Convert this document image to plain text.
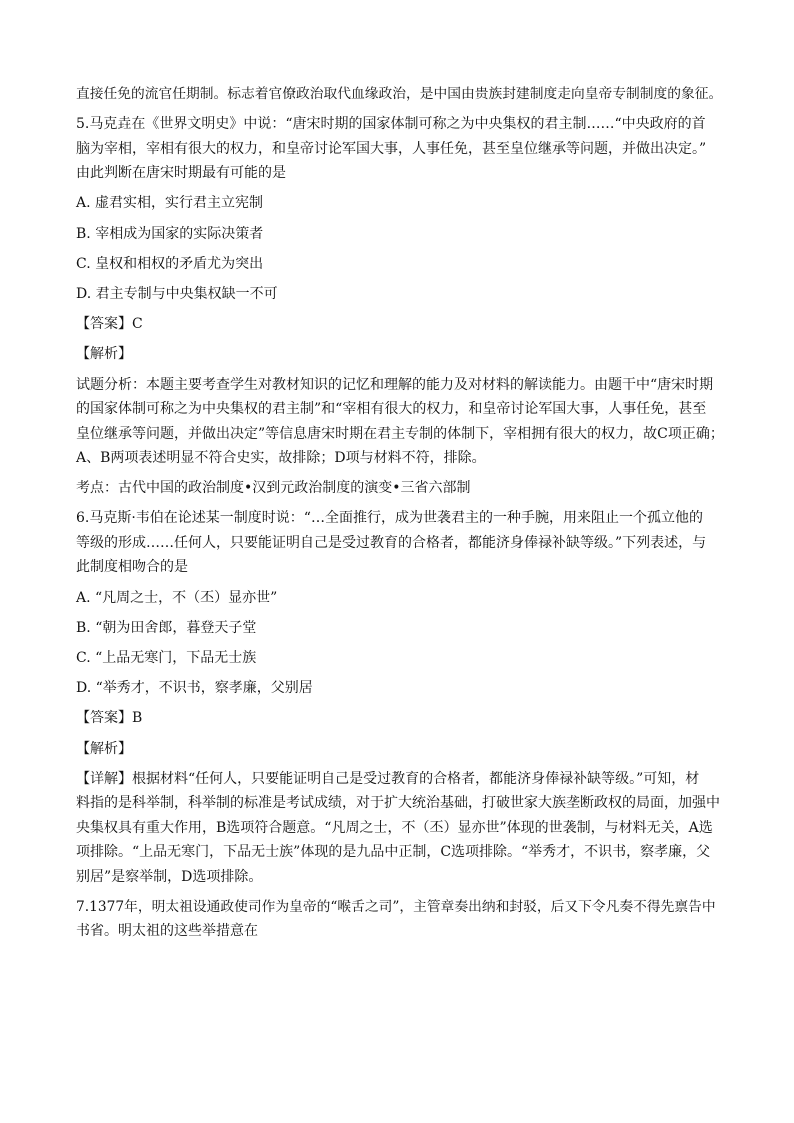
直接任免的流官任期制。标志着官僚政治取代血缘政治，是中国由贵族封建制度走向皇帝专制制度的象征。
5.马克垚在《世界文明史》中说：“唐宋时期的国家体制可称之为中央集权的君主制……“中央政府的首
脑为宰相，宰相有很大的权力，和皇帝讨论军国大事，人事任免，甚至皇位继承等问题，并做出决定。”
由此判断在唐宋时期最有可能的是
A. 虚君实相，实行君主立宪制
B. 宰相成为国家的实际决策者
C. 皇权和相权的矛盾尤为突出
D. 君主专制与中央集权缺一不可
【答案】C
【解析】
试题分析：本题主要考查学生对教材知识的记忆和理解的能力及对材料的解读能力。由题干中“唐宋时期
的国家体制可称之为中央集权的君主制”和“宰相有很大的权力，和皇帝讨论军国大事，人事任免，甚至
皇位继承等问题，并做出决定”等信息唐宋时期在君主专制的体制下，宰相拥有很大的权力，故C项正确；
A、B两项表述明显不符合史实，故排除；D项与材料不符，排除。
考点：古代中国的政治制度•汉到元政治制度的演变•三省六部制
6.马克斯·韦伯在论述某一制度时说：“…全面推行，成为世袭君主的一种手腕，用来阻止一个孤立他的
等级的形成……任何人，只要能证明自己是受过教育的合格者，都能济身俸禄补缺等级。”下列表述，与
此制度相吻合的是
A. “凡周之士，不（丕）显亦世”
B. “朝为田舍郎，暮登天子堂
C. “上品无寒门，下品无士族
D. “举秀才，不识书，察孝廉，父别居
【答案】B
【解析】
【详解】根据材料“任何人，只要能证明自己是受过教育的合格者，都能济身俸禄补缺等级。”可知，材
料指的是科举制，科举制的标准是考试成绩，对于扩大统治基础，打破世家大族垄断政权的局面，加强中
央集权具有重大作用，B选项符合题意。“凡周之士，不（丕）显亦世”体现的世袭制，与材料无关，A选
项排除。“上品无寒门，下品无士族”体现的是九品中正制，C选项排除。“举秀才，不识书，察孝廉，父
别居”是察举制，D选项排除。
7.1377年，明太祖设通政使司作为皇帝的“喉舌之司”，主管章奏出纳和封驳，后又下令凡奏不得先禀告中
书省。明太祖的这些举措意在
